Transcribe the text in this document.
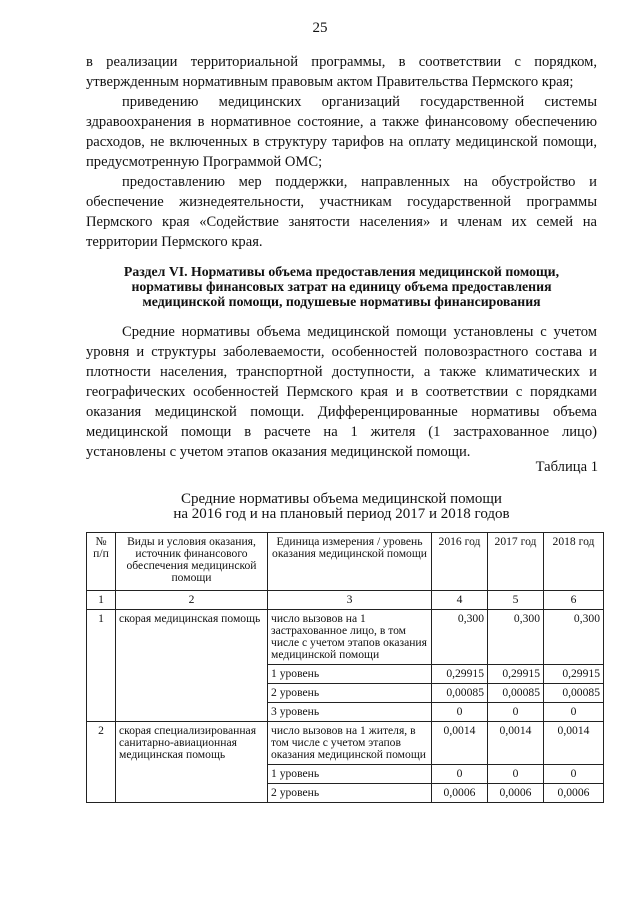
25

в реализации территориальной программы, в соответствии с порядком, утвержденным нормативным правовым актом Правительства Пермского края;

приведению медицинских организаций государственной системы здравоохранения в нормативное состояние, а также финансовому обеспечению расходов, не включенных в структуру тарифов на оплату медицинской помощи, предусмотренную Программой ОМС;

предоставлению мер поддержки, направленных на обустройство и обеспечение жизнедеятельности, участникам государственной программы Пермского края «Содействие занятости населения» и членам их семей на территории Пермского края.

Раздел VI. Нормативы объема предоставления медицинской помощи,
нормативы финансовых затрат на единицу объема предоставления
медицинской помощи, подушевые нормативы финансирования

Средние нормативы объема медицинской помощи установлены с учетом уровня и структуры заболеваемости, особенностей половозрастного состава и плотности населения, транспортной доступности, а также климатических и географических особенностей Пермского края и в соответствии с порядками оказания медицинской помощи. Дифференцированные нормативы объема медицинской помощи в расчете на 1 жителя (1 застрахованное лицо) установлены с учетом этапов оказания медицинской помощи.

Таблица 1
Средние нормативы объема медицинской помощи
на 2016 год и на плановый период 2017 и 2018 годов
№ п/п	Виды и условия оказания, источник финансового обеспечения медицинской помощи	Единица измерения / уровень оказания медицинской помощи	2016 год	2017 год	2018 год
1	2	3	4	5	6
1	скорая медицинская помощь	число вызовов на 1 застрахованное лицо, в том числе с учетом этапов оказания медицинской помощи	0,300	0,300	0,300
		1 уровень	0,29915	0,29915	0,29915
		2 уровень	0,00085	0,00085	0,00085
		3 уровень	0	0	0
2	скорая специализированная санитарно-авиационная медицинская помощь	число вызовов на 1 жителя, в том числе с учетом этапов оказания медицинской помощи	0,0014	0,0014	0,0014
		1 уровень	0	0	0
		2 уровень	0,0006	0,0006	0,0006
